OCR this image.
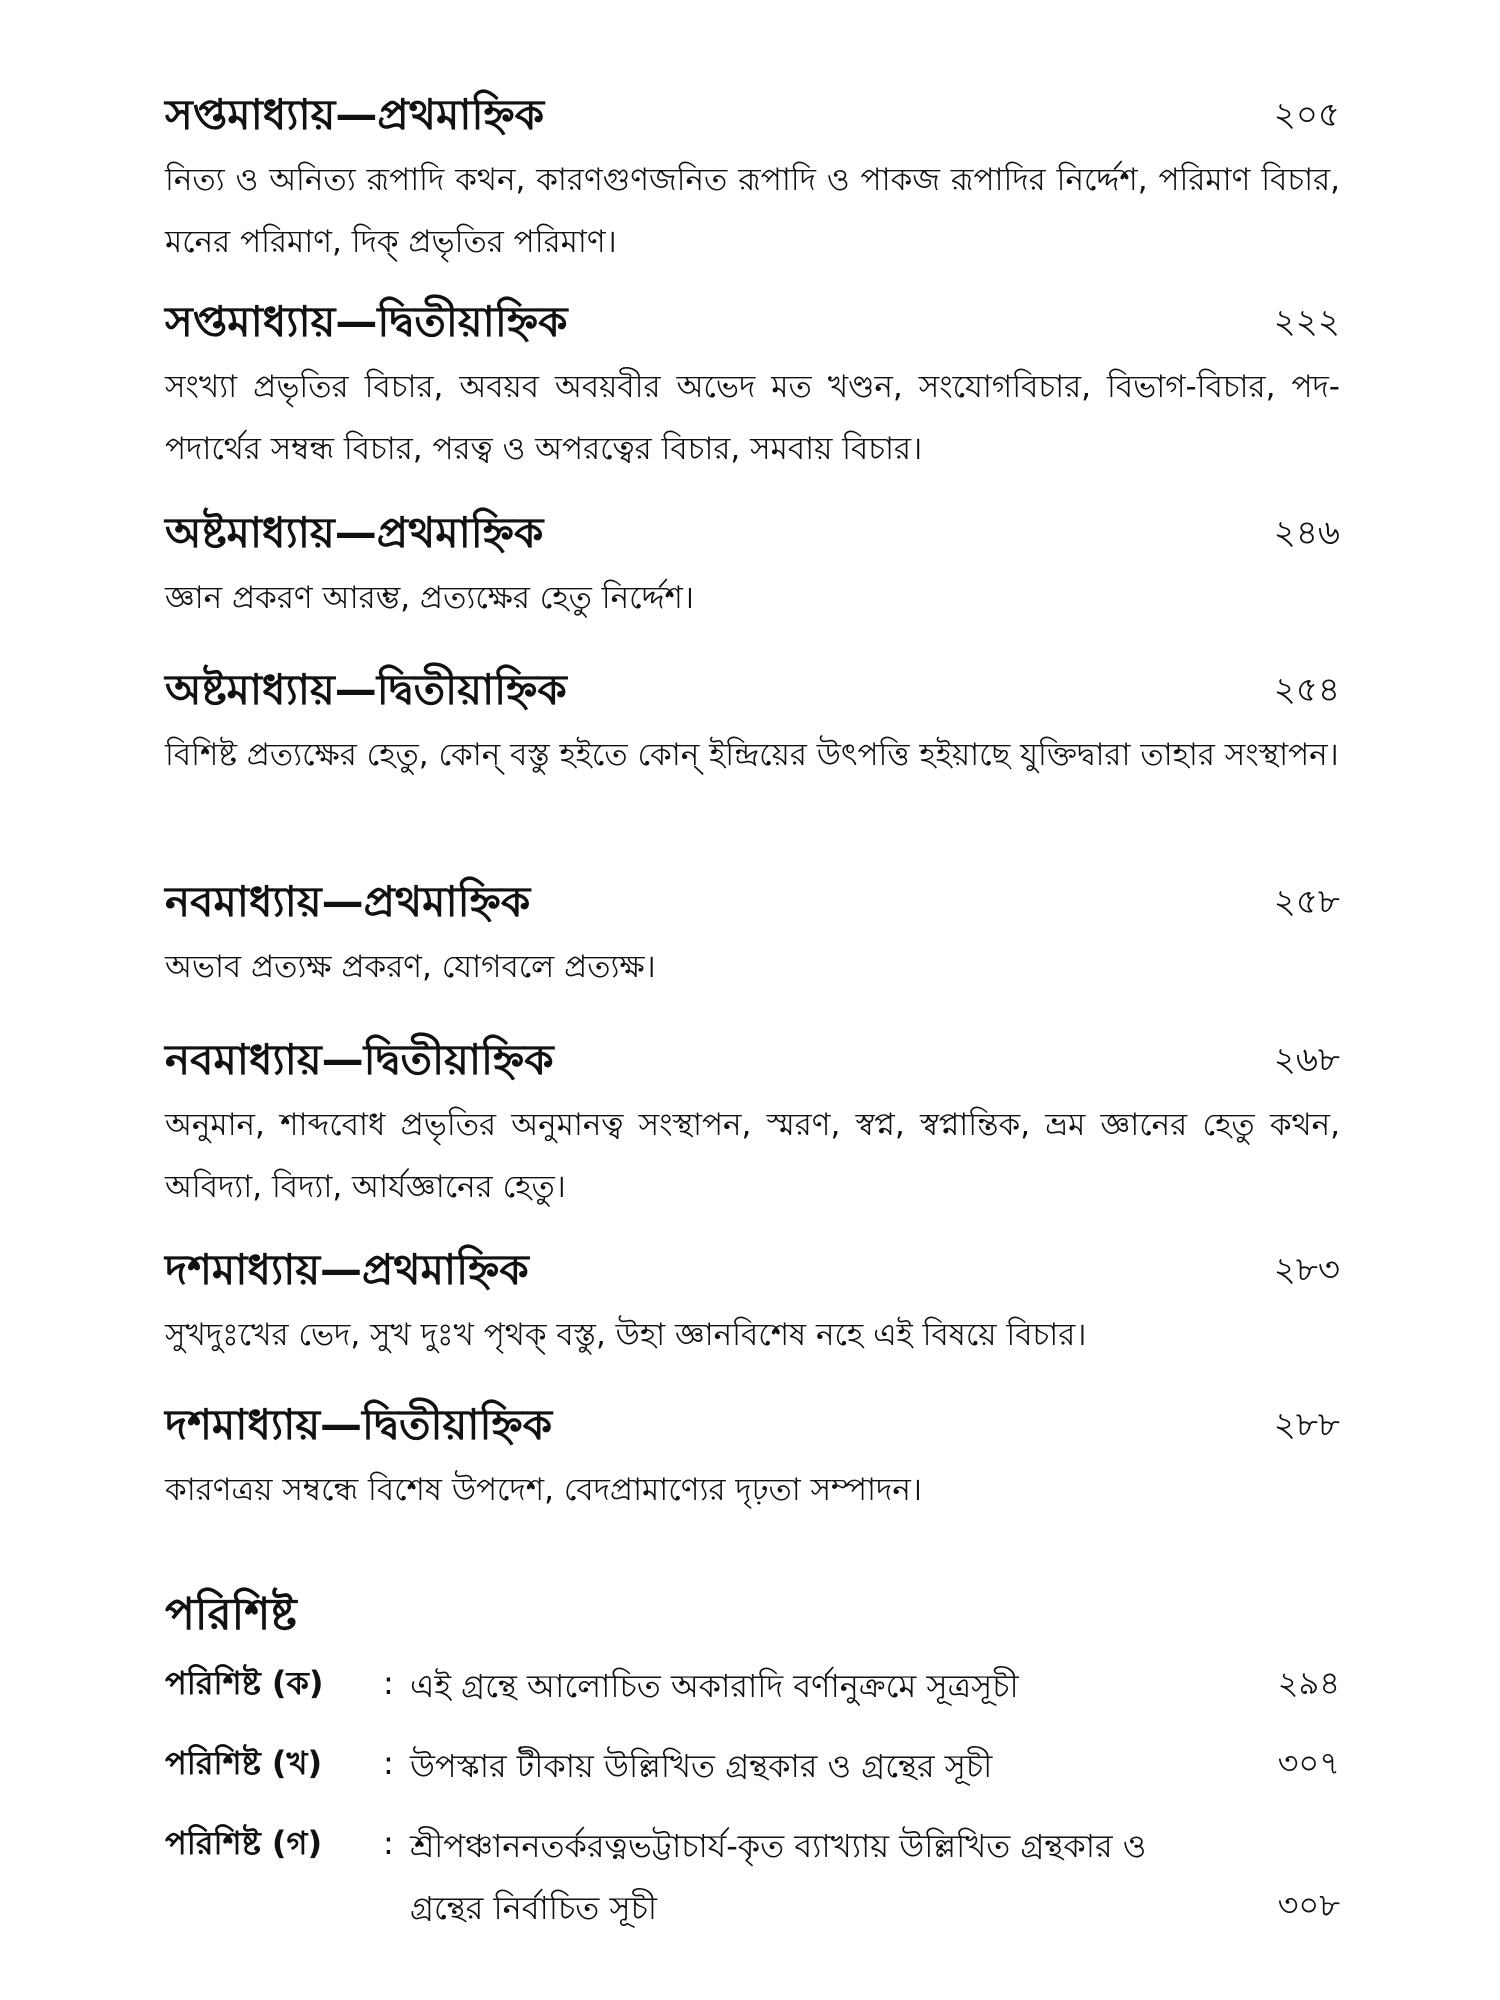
সপ্তমাধ্যায়—প্রথমাহ্নিক	২০৫
নিত্য ও অনিত্য রূপাদি কথন, কারণগুণজনিত রূপাদি ও পাকজ রূপাদির নির্দ্দেশ, পরিমাণ বিচার, মনের পরিমাণ, দিক্ প্রভৃতির পরিমাণ।
সপ্তমাধ্যায়—দ্বিতীয়াহ্নিক	২২২
সংখ্যা প্রভৃতির বিচার, অবয়ব অবয়বীর অভেদ মত খণ্ডন, সংযোগবিচার, বিভাগ-বিচার, পদ-পদার্থের সম্বন্ধ বিচার, পরত্ব ও অপরত্বের বিচার, সমবায় বিচার।
অষ্টমাধ্যায়—প্রথমাহ্নিক	২৪৬
জ্ঞান প্রকরণ আরম্ভ, প্রত্যক্ষের হেতু নির্দ্দেশ।
অষ্টমাধ্যায়—দ্বিতীয়াহ্নিক	২৫৪
বিশিষ্ট প্রত্যক্ষের হেতু, কোন্ বস্তু হইতে কোন্ ইন্দ্রিয়ের উৎপত্তি হইয়াছে যুক্তিদ্বারা তাহার সংস্থাপন।
নবমাধ্যায়—প্রথমাহ্নিক	২৫৮
অভাব প্রত্যক্ষ প্রকরণ, যোগবলে প্রত্যক্ষ।
নবমাধ্যায়—দ্বিতীয়াহ্নিক	২৬৮
অনুমান, শাব্দবোধ প্রভৃতির অনুমানত্ব সংস্থাপন, স্মরণ, স্বপ্ন, স্বপ্নান্তিক, ভ্রম জ্ঞানের হেতু কথন, অবিদ্যা, বিদ্যা, আর্যজ্ঞানের হেতু।
দশমাধ্যায়—প্রথমাহ্নিক	২৮৩
সুখদুঃখের ভেদ, সুখ দুঃখ পৃথক্ বস্তু, উহা জ্ঞানবিশেষ নহে এই বিষয়ে বিচার।
দশমাধ্যায়—দ্বিতীয়াহ্নিক	২৮৮
কারণত্রয় সম্বন্ধে বিশেষ উপদেশ, বেদপ্রামাণ্যের দৃঢ়তা সম্পাদন।
পরিশিষ্ট
পরিশিষ্ট (ক) : এই গ্রন্থে আলোচিত অকারাদি বর্ণানুক্রমে সূত্রসূচী	২৯৪
পরিশিষ্ট (খ) : উপস্কার টীকায় উল্লিখিত গ্রন্থকার ও গ্রন্থের সূচী	৩০৭
পরিশিষ্ট (গ) : শ্রীপঞ্চাননতর্করত্নভট্টাচার্য-কৃত ব্যাখ্যায় উল্লিখিত গ্রন্থকার ও গ্রন্থের নির্বাচিত সূচী	৩০৮
